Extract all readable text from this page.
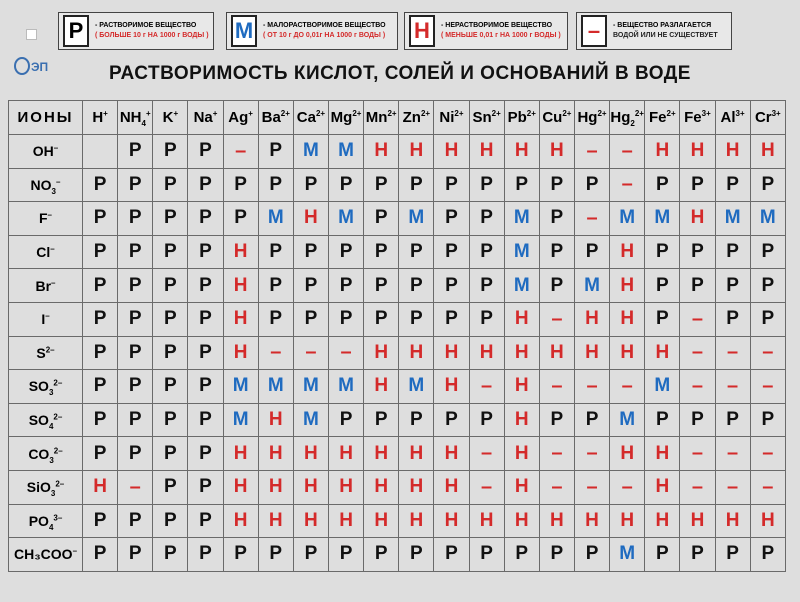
ЭП
Р	- РАСТВОРИМОЕ ВЕЩЕСТВО
( БОЛЬШЕ 10 г НА 1000 г ВОДЫ ) М	- МАЛОРАСТВОРИМОЕ ВЕЩЕСТВО
( ОТ 10 г ДО 0,01г НА 1000 г ВОДЫ ) Н	- НЕРАСТВОРИМОЕ ВЕЩЕСТВО
( МЕНЬШЕ 0,01 г НА 1000 г ВОДЫ )	–	- ВЕЩЕСТВО РАЗЛАГАЕТСЯ
ВОДОЙ ИЛИ НЕ СУЩЕСТВУЕТ
РАСТВОРИМОСТЬ КИСЛОТ, СОЛЕЙ И ОСНОВАНИЙ В ВОДЕ
ИОНЫ	H+	$NH_4^+$	K+	Na+	Ag+	$Ba^{2+}$	$Ca^{2+}$	$Mg^{2+}$	$Mn^{2+}$	$Zn^{2+}$	$Ni^{2+}$	$Sn^{2+}$	$Pb^{2+}$	$Cu^{2+}$	$Hg^{2+}$	$Hg_2^{2+}$	$Fe^{2+}$	$Fe^{3+}$	$Al^{3+}$	$Cr^{3+}$
OH–		Р	Р	Р	–	Р	М	М	Н	Н	Н	Н	Н	Н	–	–	Н	Н	Н	Н
$NO_3^-$	Р	Р	Р	Р	Р	Р	Р	Р	Р	Р	Р	Р	Р	Р	Р	–	Р	Р	Р	Р
F–	Р	Р	Р	Р	Р	М	Н	М	Р	М	Р	Р	М	Р	–	М	М	Н	М	М
Cl–	Р	Р	Р	Р	Н	Р	Р	Р	Р	Р	Р	Р	М	Р	Р	Н	Р	Р	Р	Р
Br–	Р	Р	Р	Р	Н	Р	Р	Р	Р	Р	Р	Р	М	Р	М	Н	Р	Р	Р	Р
I–	Р	Р	Р	Р	Н	Р	Р	Р	Р	Р	Р	Р	Н	–	Н	Н	Р	–	Р	Р
$S^{2-}$	Р	Р	Р	Р	Н	–	–	–	Н	Н	Н	Н	Н	Н	Н	Н	Н	–	–	–
$SO_3^{2-}$	Р	Р	Р	Р	М	М	М	М	Н	М	Н	–	Н	–	–	–	М	–	–	–
$SO_4^{2-}$	Р	Р	Р	Р	М	Н	М	Р	Р	Р	Р	Р	Н	Р	Р	М	Р	Р	Р	Р
$CO_3^{2-}$	Р	Р	Р	Р	Н	Н	Н	Н	Н	Н	Н	–	Н	–	–	Н	Н	–	–	–
SiO$_3^{2-}$	Н	–	Р	Р	Н	Н	Н	Н	Н	Н	Н	–	Н	–	–	–	Н	–	–	–
$PO_4^{3-}$	Р	Р	Р	Р	Н	Н	Н	Н	Н	Н	Н	Н	Н	Н	Н	Н	Н	Н	Н	Н
CH₃COO–	Р	Р	Р	Р	Р	Р	Р	Р	Р	Р	Р	Р	Р	Р	Р	М	Р	Р	Р	Р
